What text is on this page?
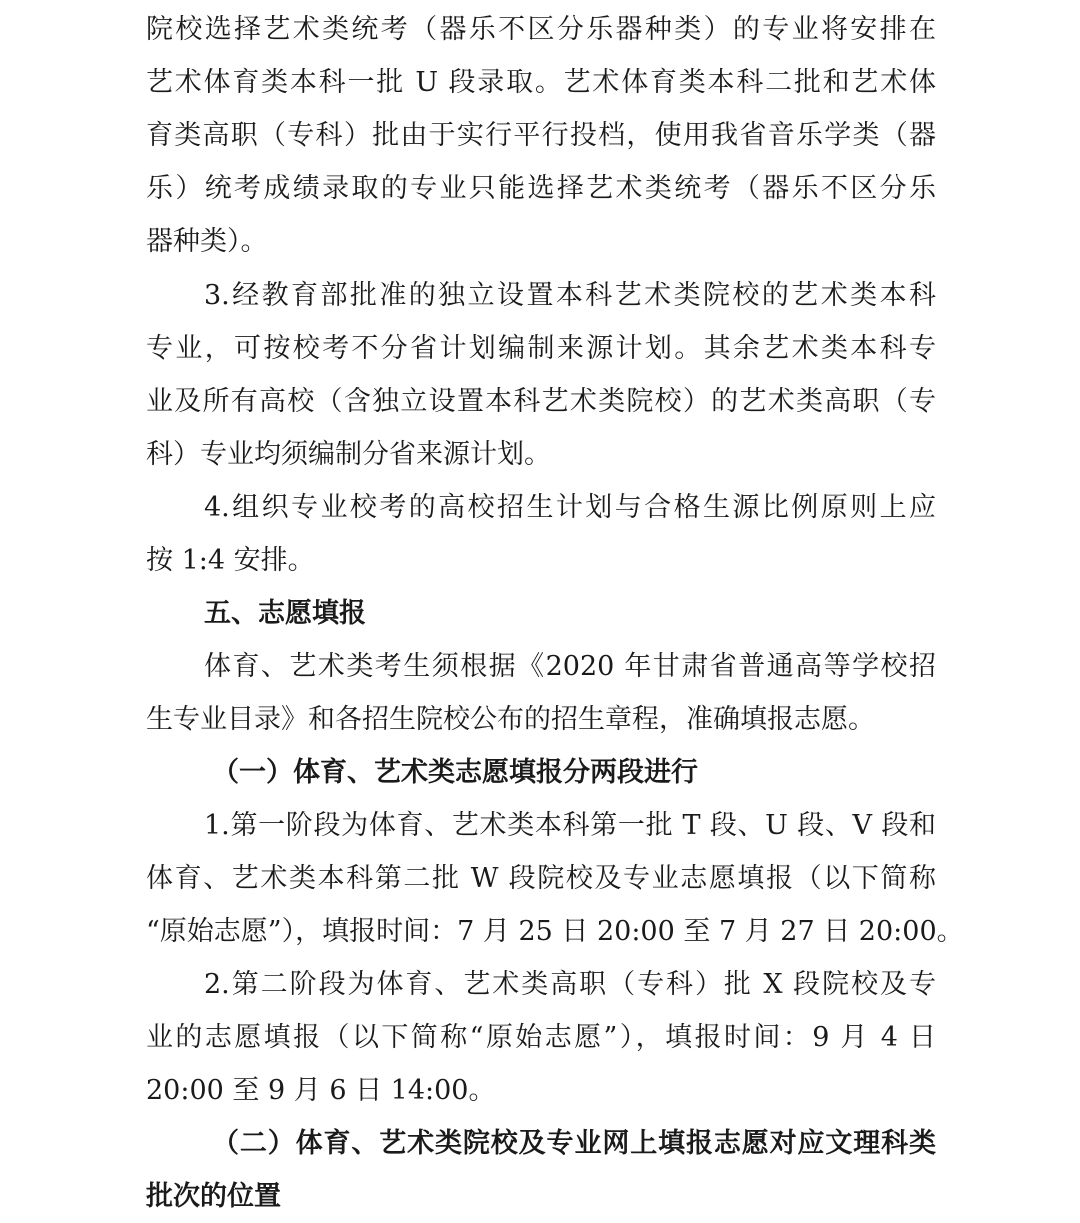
院校选择艺术类统考（器乐不区分乐器种类）的专业将安排在
艺术体育类本科一批 U 段录取。艺术体育类本科二批和艺术体
育类高职（专科）批由于实行平行投档，使用我省音乐学类（器
乐）统考成绩录取的专业只能选择艺术类统考（器乐不区分乐
器种类）。
3.经教育部批准的独立设置本科艺术类院校的艺术类本科
专业，可按校考不分省计划编制来源计划。其余艺术类本科专
业及所有高校（含独立设置本科艺术类院校）的艺术类高职（专
科）专业均须编制分省来源计划。
4.组织专业校考的高校招生计划与合格生源比例原则上应
按 1:4 安排。
五、志愿填报
体育、艺术类考生须根据《2020 年甘肃省普通高等学校招
生专业目录》和各招生院校公布的招生章程，准确填报志愿。
（一）体育、艺术类志愿填报分两段进行
1.第一阶段为体育、艺术类本科第一批 T 段、U 段、V 段和
体育、艺术类本科第二批 W 段院校及专业志愿填报（以下简称
“原始志愿”），填报时间：7 月 25 日 20:00 至 7 月 27 日 20:00。
2.第二阶段为体育、艺术类高职（专科）批 X 段院校及专
业的志愿填报（以下简称“原始志愿”），填报时间：9 月 4 日
20:00 至 9 月 6 日 14:00。
（二）体育、艺术类院校及专业网上填报志愿对应文理科类
批次的位置
